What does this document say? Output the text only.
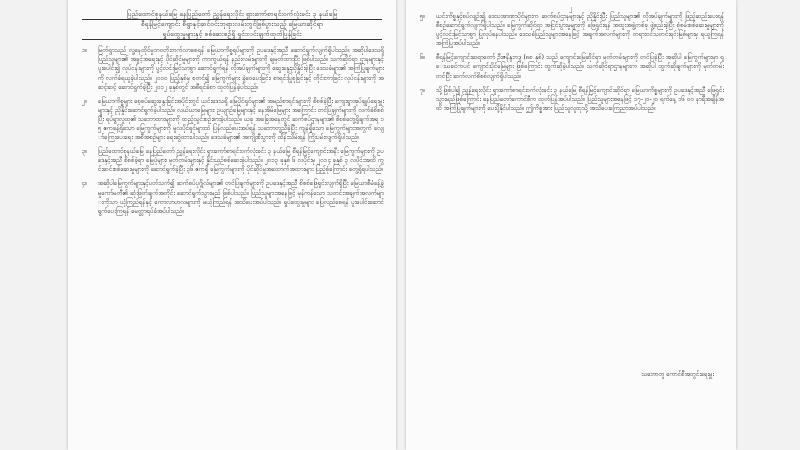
ပြည်ထောင်စုနယ်မြေ နေပြည်တော် ညွှန်ရေးလိုင်း ရှားကော်စာရင်းဝက်လုံးခင်း ၃ နယ်မြေ
စီရန်မြင့်ကျောင်း စီရွာနှင့်ဆင်ဝင်းဘုရားလမ်းတွင်ဖြစ်ပွားသည့် မြေယာဆိုင်ရာ
ရှုပ်ထွေးမှုများနှင့် စစ်ဆေးစဉ်ရှိ ရှင်းလင်းချက်ထုတ်ပြန်ခြင်း
၁။	မြတ်ရွာသည် လူ့နေထိုင်မှုဘဝတိုးတက်လာစေရန် မြေယာကိစ္စရပ်များကို ဥပဒေနှင့်အညီ ဆောင်ရွက်လျက်ရှိပါသည်။ အဆိုပါဒေသရှိ ပြည်သူများ၏ အခွင့်အရေးနှင့် ပိုင်ဆိုင်မှုများကို ကာကွယ်ရန် နည်းလမ်းများကို ချမှတ်ထားပြီး ဖြစ်ပါသည်။ သက်ဆိုင်ရာ ဌာနများနှင့် ပူးပေါင်း၍ လုပ်ငန်းများကို ပွင့်လင်းမြင်သာစွာ ဆောင်ရွက်ရန် လိုအပ်ချက်များကို ဆွေးနွေးညှိနှိုင်းခဲ့ပြီး ဒေသခံများ၏ အကြံပြုချက်များကို လက်ခံရယူခဲ့ပါသည်။ ၂၀၁၀ ပြည့်နှစ်မှ စတင်၍ မြေကွက်များ ခွဲဝေပေးခြင်း၊ စာရင်းပြုစုခြင်းနှင့် တိုင်းတာခြင်း လုပ်ငန်းများကို အဆင့်ဆင့် ဆောင်ရွက်ခဲ့ပြီး ၂၀၁၂ ခုနှစ်တွင် အစီရင်ခံစာ ထုတ်ပြန်ခဲ့ပါသည်။
၂။	မြေယာကိစ္စများ စေ့စပ်ဆွေးနွေးခြင်းအပိုင်းတွင် ယင်းဒေသရှိ မြေပိုင်ရှင်များ၏ အမည်စာရင်းများကို စိစစ်ခဲ့ပြီး ကျေးရွာအုပ်ချုပ်ရေးမှူးများနှင့် ညှိနှိုင်းဆောင်ရွက်ခဲ့ပါသည်။ လယ်ယာမြေများ၊ ဥယျာဉ်မြေများနှင့် နေအိမ်မြေများ အကြောင်း တင်ပြချက်များကို လက်ခံစိစစ်ပြီး ရပ်ရွာလူထု၏ သဘောထားများကို ထည့်သွင်းစဉ်းစားခဲ့ပါသည်။ ယခု အခြေအနေတွင် ဆက်စပ်ဌာနများ၏ စိစစ်တွေ့ရှိချက်အရ ၁၅ ဧကခန့်ရှိသော မြေကွက်များကို မူလပိုင်ရှင်များထံ ပြန်လည်ပေးအပ်ရန် သဘောတူညီခဲ့ပြီး ကျန်ရှိသော မြေကွက်များအတွက် လျော်ကြေးပေးရေး အစီအစဉ်များ ရေးဆွဲထားပါသည်။ ဒေသခံများ၏ အကျိုးစီးပွားကို ထိန်းသိမ်းရန် ကြိုးပမ်းလျက်ရှိပါသည်။
၃။	ပြည်ထောင်စုနယ်မြေ နေပြည်တော် ညွှန်ရေးလိုင်း ရှားကော်စာရင်းဝက်လုံးခင်း ၃ နယ်မြေ စီရန်မြင့်ကျောင်းအနီး မြေကွက်များကို ဥပဒေနှင့်အညီ စိစစ်ခဲ့ရာ မြေပုံများ၊ မှတ်တမ်းများနှင့် နှိုင်းယှဉ်စစ်ဆေးခဲ့ပါသည်။ ၂၀၁၃ ခုနှစ် ၆ လပိုင်းမှ ၂၀၁၄ ခုနှစ် ၃ လပိုင်းအထိ ကွင်းဆင်းစစ်ဆေးမှုများကို ဆောင်ရွက်ခဲ့ပြီး ၃၆ ဧကရှိ မြေကွက်များကို ပိုင်ဆိုင်မှုအထောက်အထားများ ပြည့်စုံကြောင်း တွေ့ရှိရပါသည်။
၄။	အဆိုပါမြေကွက်များနှင့်ပတ်သက်၍ ဆက်စပ်ပုဂ္ဂိုလ်များ၏ တင်ပြချက်များကို ဥပဒေနှင့်အညီ စိစစ်ဖြေရှင်းလျက်ရှိပြီး မြေယာစီမံခန့်ခွဲမှုကော်မတီ၏ ဆုံးဖြတ်ချက်အတိုင်း ဆောင်ရွက်သွားမည် ဖြစ်ပါသည်။ ပြည်သူများအနေဖြင့် မှန်ကန်သော သတင်းအချက်အလက်များကိုသာ ယုံကြည်ရန်နှင့် ကောလာဟလများကို မယုံကြည်ရန် အသိပေးအပ်ပါသည်။ ရှုပ်ထွေးမှုများ ပြေလည်စေရန် ပူးပေါင်းဆောင်ရွက်ပေးကြရန် မေတ္တာရပ်ခံအပ်ပါသည်။
၂
၅။	ယင်းကိစ္စနှင့်စပ်လျဉ်း၍ ဒေသအာဏာပိုင်များက ဆက်စပ်ဌာနများနှင့် ညှိနှိုင်းပြီး ပြည်သူများ၏ လိုအပ်ချက်များကို ဖြည့်ဆည်းပေးရန် စီစဉ်ဆောင်ရွက်လျက်ရှိပါသည်။ မြေကွက်ဆိုင်ရာ အငြင်းပွားမှုများကို ဖြေရှင်းရန် အထူးအဖွဲ့တစ်ခု ဖွဲ့စည်းခဲ့ပြီး စုံစမ်းစစ်ဆေးမှုများကို ပွင့်လင်းမြင်သာစွာ ပြုလုပ်နေပါသည်။ ဒေသခံပြည်သူများအနေဖြင့် အချက်အလက်များကို တရားဝင်သတင်းရင်းမြစ်များမှ ရယူကြရန် အကြံပြုအပ်ပါသည်။
၆။	စီရန်မြင့်ကျောင်းဆရာတော် ဦးဇနိန္ဒဘဒ္ဒ (၈၈ နှစ်) သည် ကျောင်းမြေဆိုင်ရာ မှတ်တမ်းများကို တင်ပြခဲ့ပြီး အဆိုပါ မြေကွက်များမှာ ရှေးယခင်ကပင် ကျောင်းပိုင်မြေများ ဖြစ်ကြောင်း ထွက်ဆိုခဲ့ပါသည်။ သက်ဆိုင်ရာဌာနများက အဆိုပါ ထွက်ဆိုချက်များကို မှတ်တမ်းတင်ပြီး ဆက်လက်စိစစ်လျက်ရှိပါသည်။
၇။	သို့ဖြစ်ပါ၍ ညွှန်ရေးလိုင်း ရှားကော်စာရင်းဝက်လုံးခင်း ၃ နယ်မြေ စီရန်မြင့်ကျောင်းဆိုင်ရာ မြေယာကိစ္စများကို ဥပဒေနှင့်အညီ ဖြေရှင်းသွားမည်ဖြစ်ကြောင်း နေပြည်တော်ကောင်စီက ထုတ်ပြန်အပ်ပါသည်။ ပြည်သူများအနေဖြင့် ၁၇-၂၀-၂၀ ရက်နေ့ ၁၆ ၀၀ နာရီအချိန်အထိ အကြံပြုချက်များကို ပေးပို့နိုင်ပါသည်။ ဤကိစ္စအား ပြည်သူလူထုသို့ အသိပေးကြေညာအပ်ပါသည်။
သဘောတူ ကောင်စီအတွင်းရေးမှူး
